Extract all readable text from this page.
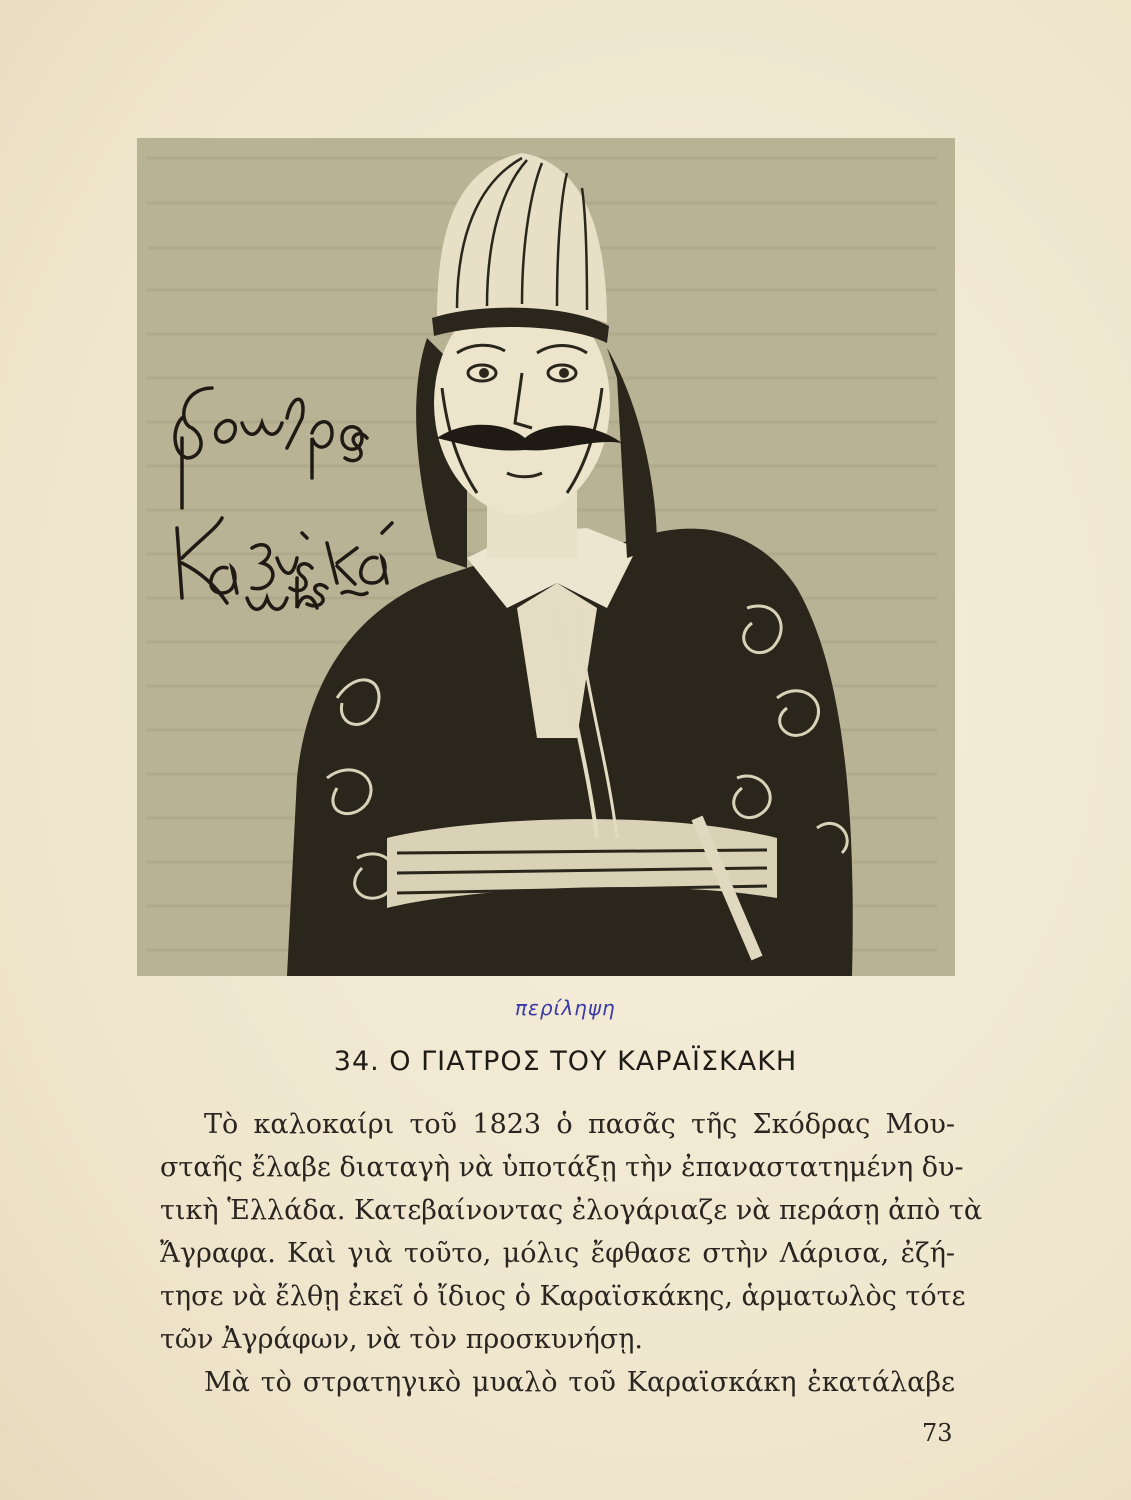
περίληψη
34. Ο ΓΙΑΤΡΟΣ ΤΟΥ ΚΑΡΑΪΣΚΑΚΗ
Τὸ καλοκαίρι τοῦ 1823 ὁ πασᾶς τῆς Σκόδρας Μου-
σταῆς ἔλαβε διαταγὴ νὰ ὑποτάξῃ τὴν ἐπαναστατημένη δυ-
τικὴ Ἑλλάδα. Κατεβαίνοντας ἐλογάριαζε νὰ περάσῃ ἀπὸ τὰ
Ἄγραφα. Καὶ γιὰ τοῦτο, μόλις ἔφθασε στὴν Λάρισα, ἐζή-
τησε νὰ ἔλθῃ ἐκεῖ ὁ ἴδιος ὁ Καραϊσκάκης, ἁρματωλὸς τότε
τῶν Ἀγράφων, νὰ τὸν προσκυνήσῃ.
Μὰ τὸ στρατηγικὸ μυαλὸ τοῦ Καραϊσκάκη ἐκατάλαβε
73
